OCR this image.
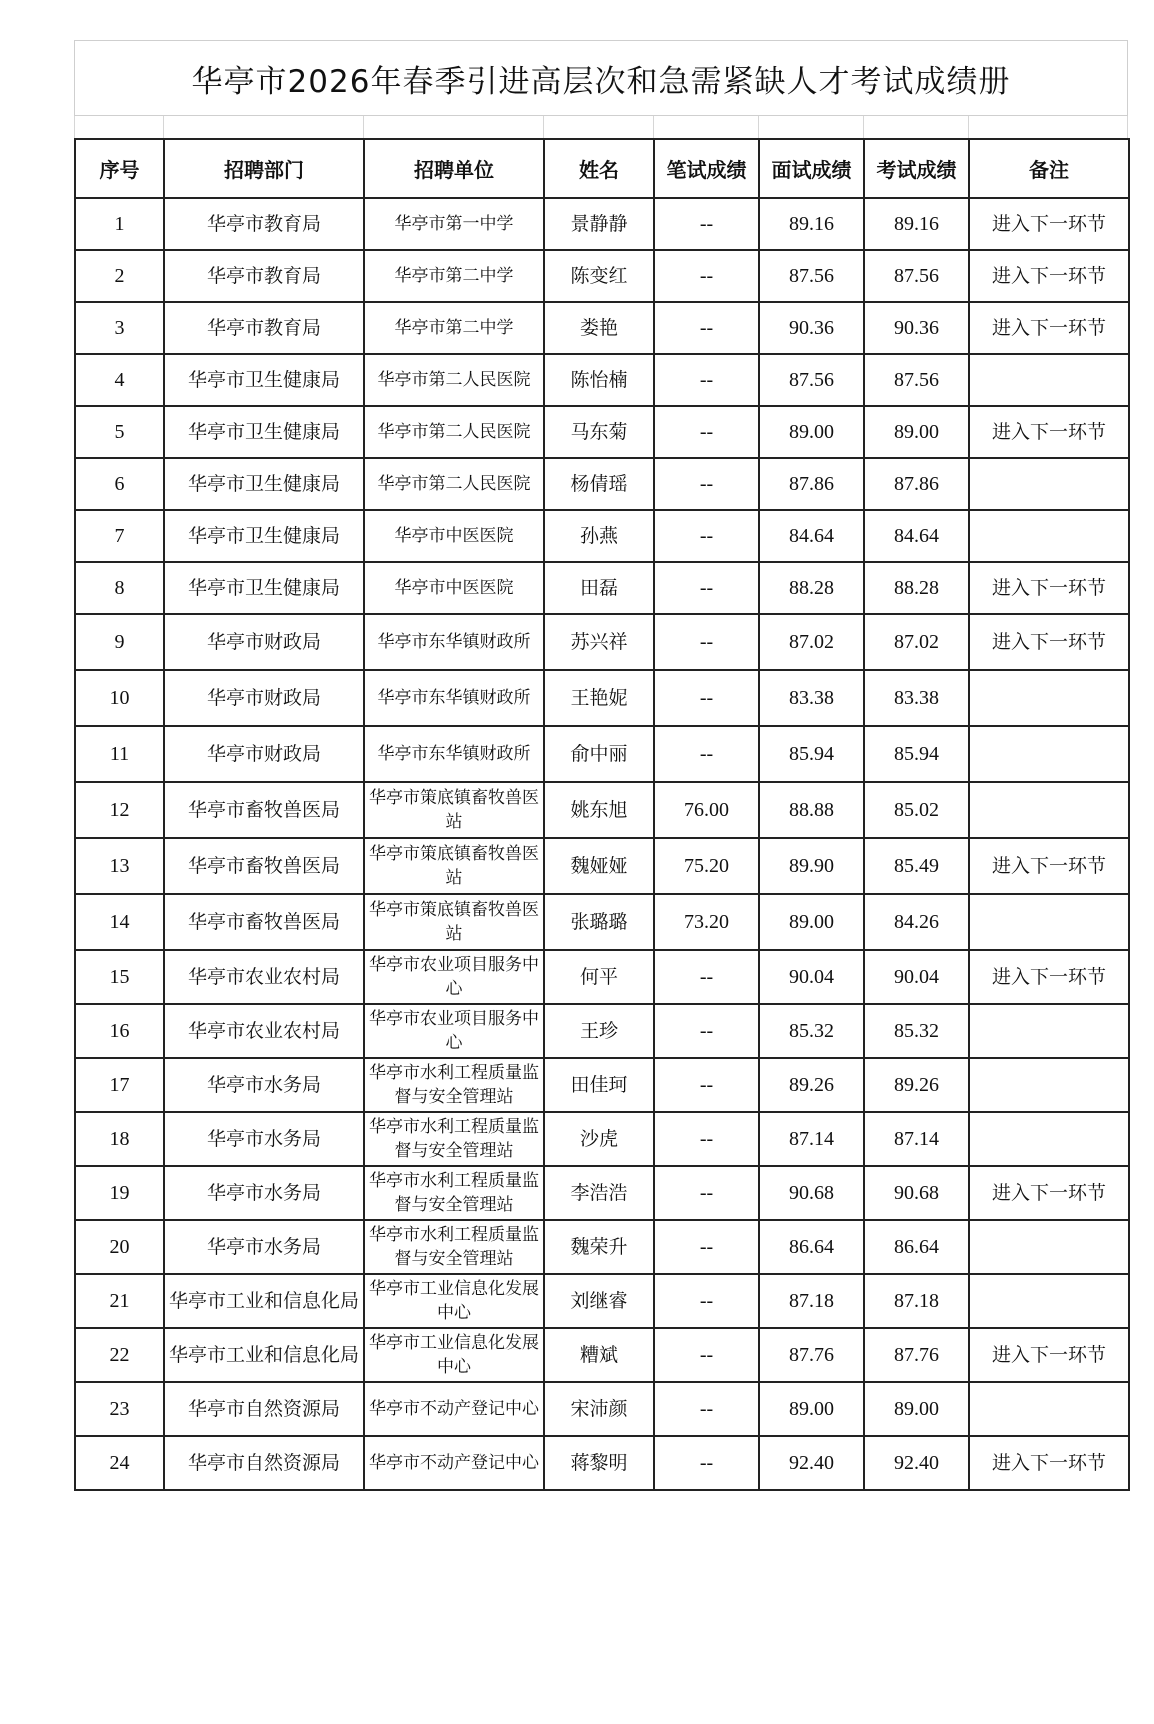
华亭市2026年春季引进高层次和急需紧缺人才考试成绩册
序号	招聘部门	招聘单位	姓名	笔试成绩	面试成绩	考试成绩	备注
1	华亭市教育局	华亭市第一中学	景静静	--	89.16	89.16	进入下一环节
2	华亭市教育局	华亭市第二中学	陈变红	--	87.56	87.56	进入下一环节
3	华亭市教育局	华亭市第二中学	娄艳	--	90.36	90.36	进入下一环节
4	华亭市卫生健康局	华亭市第二人民医院	陈怡楠	--	87.56	87.56	
5	华亭市卫生健康局	华亭市第二人民医院	马东菊	--	89.00	89.00	进入下一环节
6	华亭市卫生健康局	华亭市第二人民医院	杨倩瑶	--	87.86	87.86	
7	华亭市卫生健康局	华亭市中医医院	孙燕	--	84.64	84.64	
8	华亭市卫生健康局	华亭市中医医院	田磊	--	88.28	88.28	进入下一环节
9	华亭市财政局	华亭市东华镇财政所	苏兴祥	--	87.02	87.02	进入下一环节
10	华亭市财政局	华亭市东华镇财政所	王艳妮	--	83.38	83.38	
11	华亭市财政局	华亭市东华镇财政所	俞中丽	--	85.94	85.94	
12	华亭市畜牧兽医局	华亭市策底镇畜牧兽医站	姚东旭	76.00	88.88	85.02	
13	华亭市畜牧兽医局	华亭市策底镇畜牧兽医站	魏娅娅	75.20	89.90	85.49	进入下一环节
14	华亭市畜牧兽医局	华亭市策底镇畜牧兽医站	张璐璐	73.20	89.00	84.26	
15	华亭市农业农村局	华亭市农业项目服务中心	何平	--	90.04	90.04	进入下一环节
16	华亭市农业农村局	华亭市农业项目服务中心	王珍	--	85.32	85.32	
17	华亭市水务局	华亭市水利工程质量监督与安全管理站	田佳珂	--	89.26	89.26	
18	华亭市水务局	华亭市水利工程质量监督与安全管理站	沙虎	--	87.14	87.14	
19	华亭市水务局	华亭市水利工程质量监督与安全管理站	李浩浩	--	90.68	90.68	进入下一环节
20	华亭市水务局	华亭市水利工程质量监督与安全管理站	魏荣升	--	86.64	86.64	
21	华亭市工业和信息化局	华亭市工业信息化发展中心	刘继睿	--	87.18	87.18	
22	华亭市工业和信息化局	华亭市工业信息化发展中心	糟斌	--	87.76	87.76	进入下一环节
23	华亭市自然资源局	华亭市不动产登记中心	宋沛颜	--	89.00	89.00	
24	华亭市自然资源局	华亭市不动产登记中心	蒋黎明	--	92.40	92.40	进入下一环节
